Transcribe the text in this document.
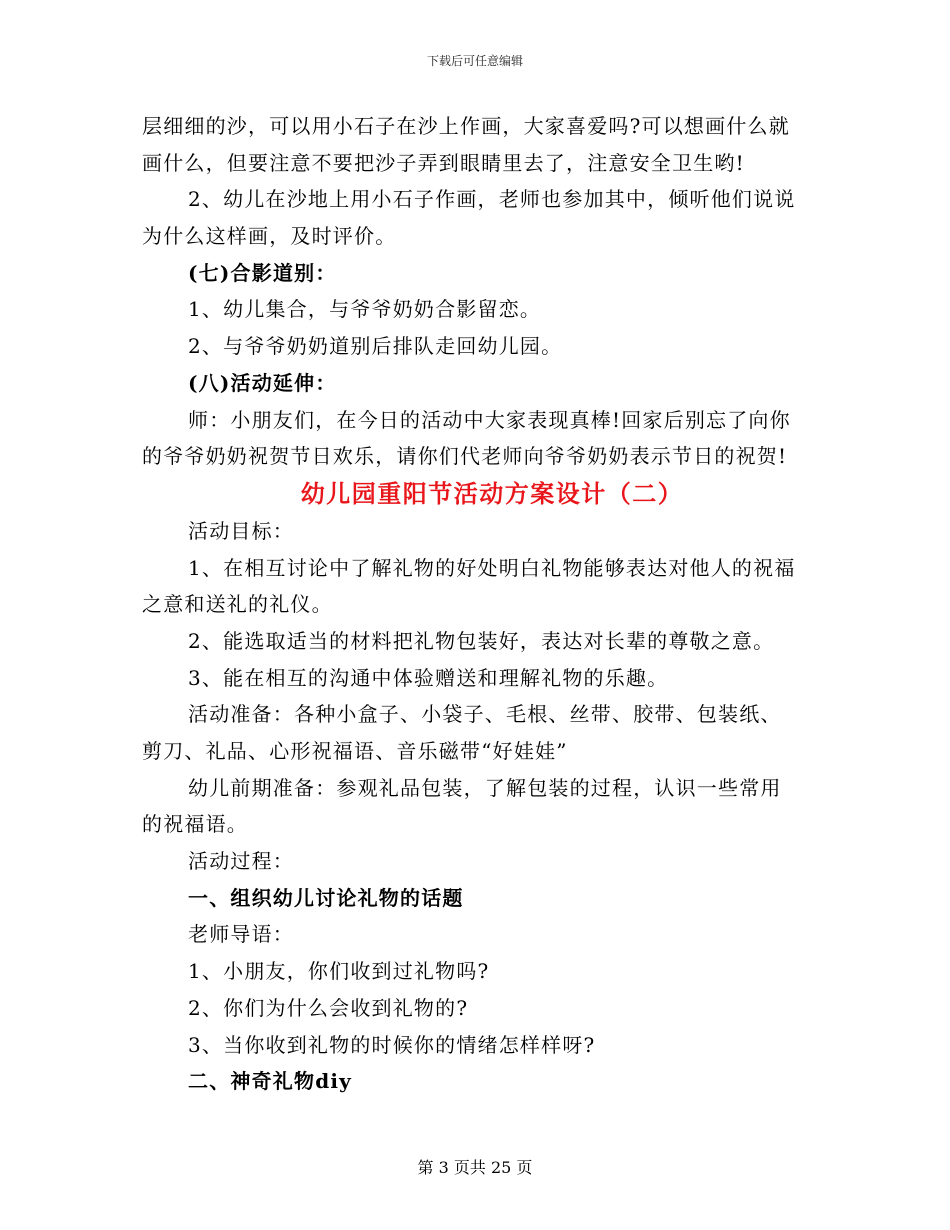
下载后可任意编辑
层细细的沙，可以用小石子在沙上作画，大家喜爱吗?可以想画什么就
画什么，但要注意不要把沙子弄到眼睛里去了，注意安全卫生哟!
2、幼儿在沙地上用小石子作画，老师也参加其中，倾听他们说说
为什么这样画，及时评价。
(七)合影道别：
1、幼儿集合，与爷爷奶奶合影留恋。
2、与爷爷奶奶道别后排队走回幼儿园。
(八)活动延伸：
师：小朋友们，在今日的活动中大家表现真棒!回家后别忘了向你
的爷爷奶奶祝贺节日欢乐，请你们代老师向爷爷奶奶表示节日的祝贺!
幼儿园重阳节活动方案设计（二）
活动目标：
1、在相互讨论中了解礼物的好处明白礼物能够表达对他人的祝福
之意和送礼的礼仪。
2、能选取适当的材料把礼物包装好，表达对长辈的尊敬之意。
3、能在相互的沟通中体验赠送和理解礼物的乐趣。
活动准备：各种小盒子、小袋子、毛根、丝带、胶带、包装纸、
剪刀、礼品、心形祝福语、音乐磁带“好娃娃”
幼儿前期准备：参观礼品包装，了解包装的过程，认识一些常用
的祝福语。
活动过程：
一、组织幼儿讨论礼物的话题
老师导语：
1、小朋友，你们收到过礼物吗?
2、你们为什么会收到礼物的?
3、当你收到礼物的时候你的情绪怎样样呀?
二、神奇礼物diy
第 3 页共 25 页
